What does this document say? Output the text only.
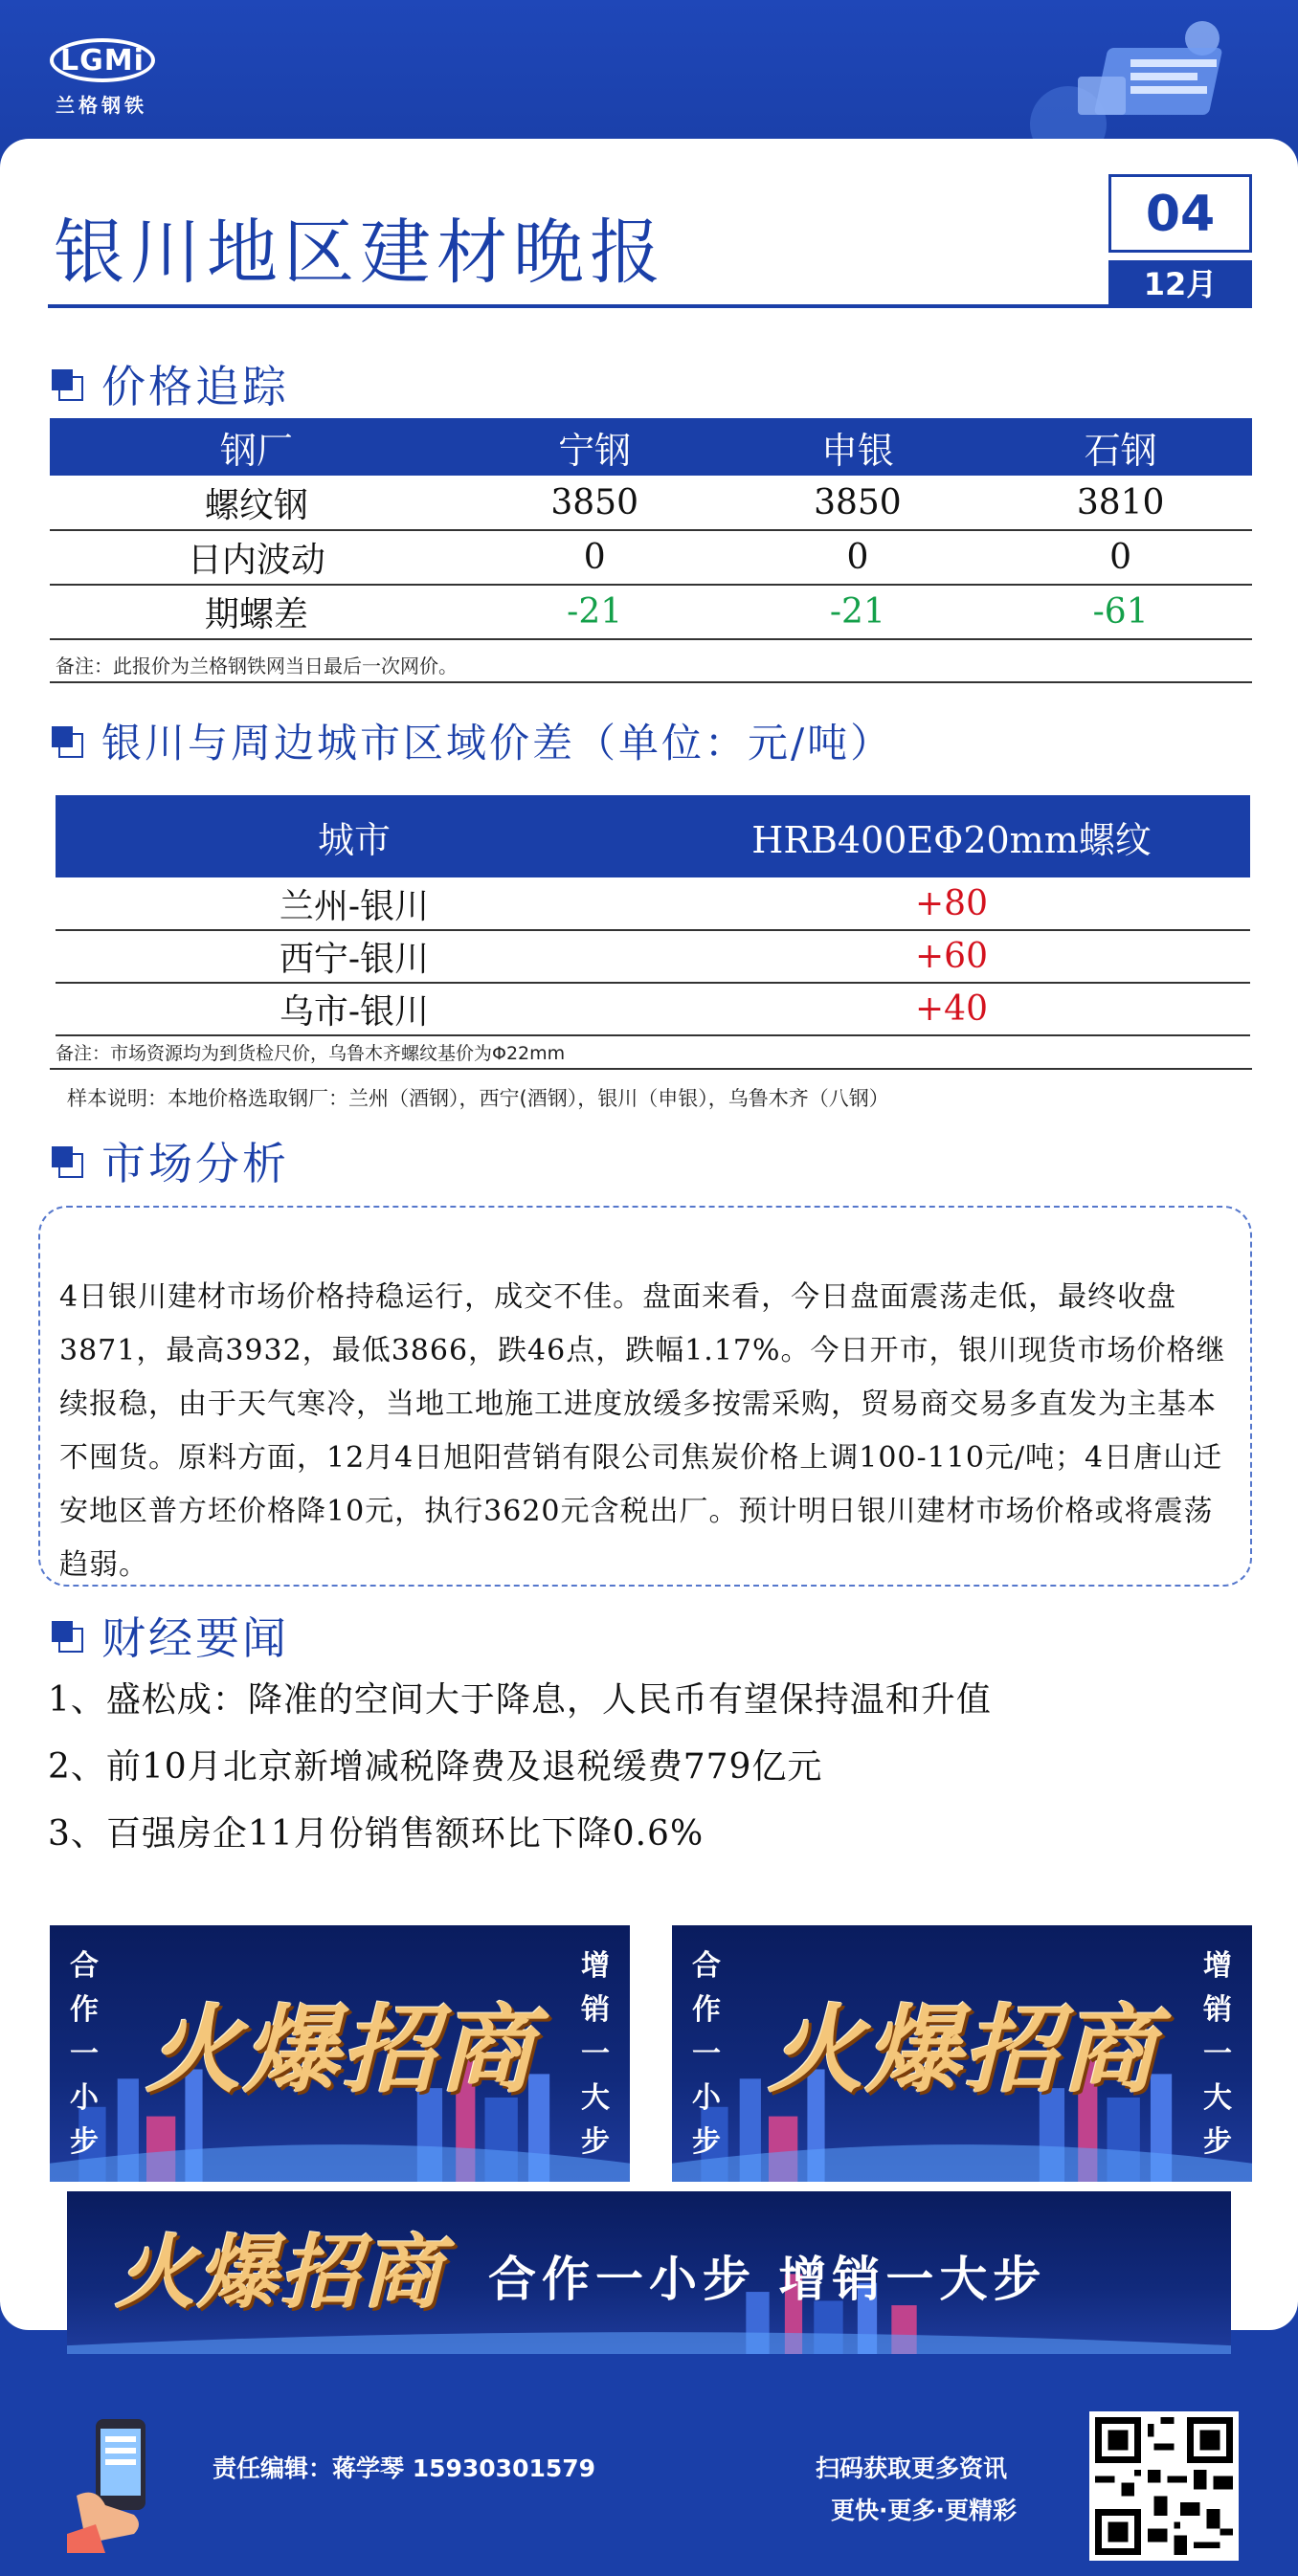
LGMi
兰格钢铁
银川地区建材晚报	04
12月
价格追踪
钢厂	宁钢	申银	石钢
螺纹钢	3850	3850	3810
日内波动	0	0	0
期螺差	-21	-21	-61
备注：此报价为兰格钢铁网当日最后一次网价。
银川与周边城市区域价差（单位：元/吨）
城市	HRB400EΦ20mm螺纹
兰州-银川	+80
西宁-银川	+60
乌市-银川	+40
备注：市场资源均为到货检尺价，乌鲁木齐螺纹基价为Φ22mm
样本说明：本地价格选取钢厂：兰州（酒钢），西宁(酒钢），银川（申银），乌鲁木齐（八钢）
市场分析

4日银川建材市场价格持稳运行，成交不佳。盘面来看，今日盘面震荡走低，最终收盘3871，最高3932，最低3866，跌46点，跌幅1.17%。今日开市，银川现货市场价格继续报稳，由于天气寒冷，当地工地施工进度放缓多按需采购，贸易商交易多直发为主基本不囤货。原料方面，12月4日旭阳营销有限公司焦炭价格上调100-110元/吨；4日唐山迁安地区普方坯价格降10元，执行3620元含税出厂。预计明日银川建材市场价格或将震荡趋弱。

财经要闻
1、盛松成：降准的空间大于降息，人民币有望保持温和升值
2、前10月北京新增减税降费及退税缓费779亿元
3、百强房企11月份销售额环比下降0.6%
合
作
一
小
步
火爆招商
增
销
一
大
步
合
作
一
小
步
火爆招商
增
销
一
大
步
火爆招商 合作一小步 增销一大步
责任编辑：蒋学琴 15930301579	扫码获取更多资讯
更快·更多·更精彩
